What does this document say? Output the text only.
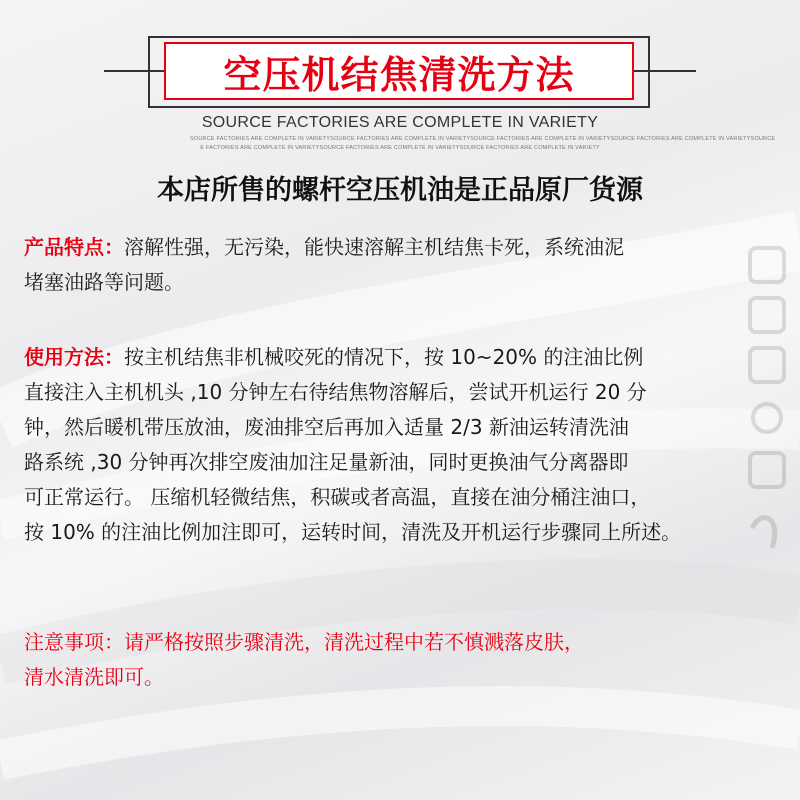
空压机结焦清洗方法
SOURCE FACTORIES ARE COMPLETE IN VARIETY
SOURCE FACTORIES ARE COMPLETE IN VARIETYSOURCE FACTORIES ARE COMPLETE IN VARIETYSOURCE FACTORIES ARE COMPLETE IN VARIETYSOURCE FACTORIES ARE COMPLETE IN VARIETYSOURCE
E FACTORIES ARE COMPLETE IN VARIETYSOURCE FACTORIES ARE COMPLETE IN VARIETYSOURCE FACTORIES ARE COMPLETE IN VARIETY
本店所售的螺杆空压机油是正品原厂货源
产品特点：溶解性强，无污染，能快速溶解主机结焦卡死，系统油泥
堵塞油路等问题。
使用方法：按主机结焦非机械咬死的情况下，按 10~20% 的注油比例
直接注入主机机头 ,10 分钟左右待结焦物溶解后，尝试开机运行 20 分
钟，然后暖机带压放油，废油排空后再加入适量 2/3 新油运转清洗油
路系统 ,30 分钟再次排空废油加注足量新油，同时更换油气分离器即
可正常运行。 压缩机轻微结焦，积碳或者高温，直接在油分桶注油口，
按 10% 的注油比例加注即可，运转时间，清洗及开机运行步骤同上所述。
注意事项：请严格按照步骤清洗，清洗过程中若不慎溅落皮肤，
清水清洗即可。
